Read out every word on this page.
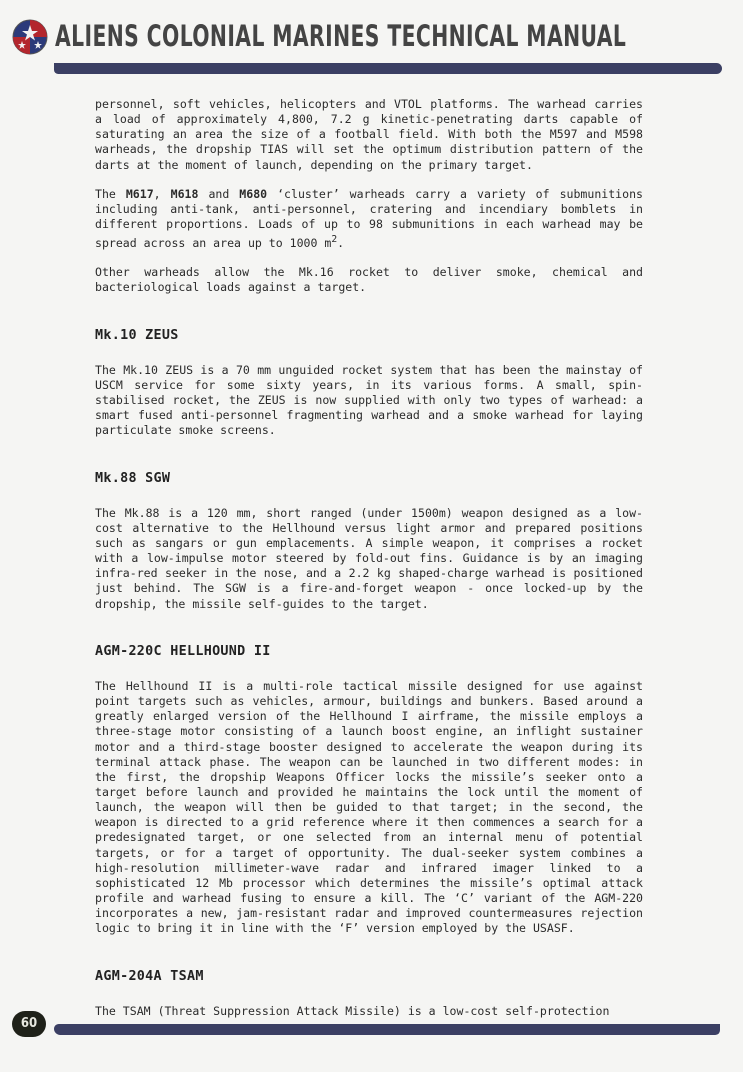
ALIENS COLONIAL MARINES TECHNICAL MANUAL

personnel, soft vehicles, helicopters and VTOL platforms. The warhead carries a load of approximately 4,800, 7.2 g kinetic-penetrating darts capable of saturating an area the size of a football field. With both the M597 and M598 warheads, the dropship TIAS will set the optimum distribution pattern of the darts at the moment of launch, depending on the primary target.

The M617, M618 and M680 ‘cluster’ warheads carry a variety of submunitions including anti-tank, anti-personnel, cratering and incendiary bomblets in different proportions. Loads of up to 98 submunitions in each warhead may be spread across an area up to 1000 $m^2$.

Other warheads allow the Mk.16 rocket to deliver smoke, chemical and bacteriological loads against a target.

Mk.10 ZEUS

The Mk.10 ZEUS is a 70 mm unguided rocket system that has been the mainstay of USCM service for some sixty years, in its various forms. A small, spin-stabilised rocket, the ZEUS is now supplied with only two types of warhead: a smart fused anti-personnel fragmenting warhead and a smoke warhead for laying particulate smoke screens.

Mk.88 SGW

The Mk.88 is a 120 mm, short ranged (under 1500m) weapon designed as a low-cost alternative to the Hellhound versus light armor and prepared positions such as sangars or gun emplacements. A simple weapon, it comprises a rocket with a low-impulse motor steered by fold-out fins. Guidance is by an imaging infra-red seeker in the nose, and a 2.2 kg shaped-charge warhead is positioned just behind. The SGW is a fire-and-forget weapon - once locked-up by the dropship, the missile self-guides to the target.

AGM-220C HELLHOUND II

The Hellhound II is a multi-role tactical missile designed for use against point targets such as vehicles, armour, buildings and bunkers. Based around a greatly enlarged version of the Hellhound I airframe, the missile employs a three-stage motor consisting of a launch boost engine, an inflight sustainer motor and a third-stage booster designed to accelerate the weapon during its terminal attack phase. The weapon can be launched in two different modes: in the first, the dropship Weapons Officer locks the missile’s seeker onto a target before launch and provided he maintains the lock until the moment of launch, the weapon will then be guided to that target; in the second, the weapon is directed to a grid reference where it then commences a search for a predesignated target, or one selected from an internal menu of potential targets, or for a target of opportunity. The dual-seeker system combines a high-resolution millimeter-wave radar and infrared imager linked to a sophisticated 12 Mb processor which determines the missile’s optimal attack profile and warhead fusing to ensure a kill. The ‘C’ variant of the AGM-220 incorporates a new, jam-resistant radar and improved countermeasures rejection logic to bring it in line with the ‘F’ version employed by the USASF.

AGM-204A TSAM

The TSAM (Threat Suppression Attack Missile) is a low-cost self-protection

60
